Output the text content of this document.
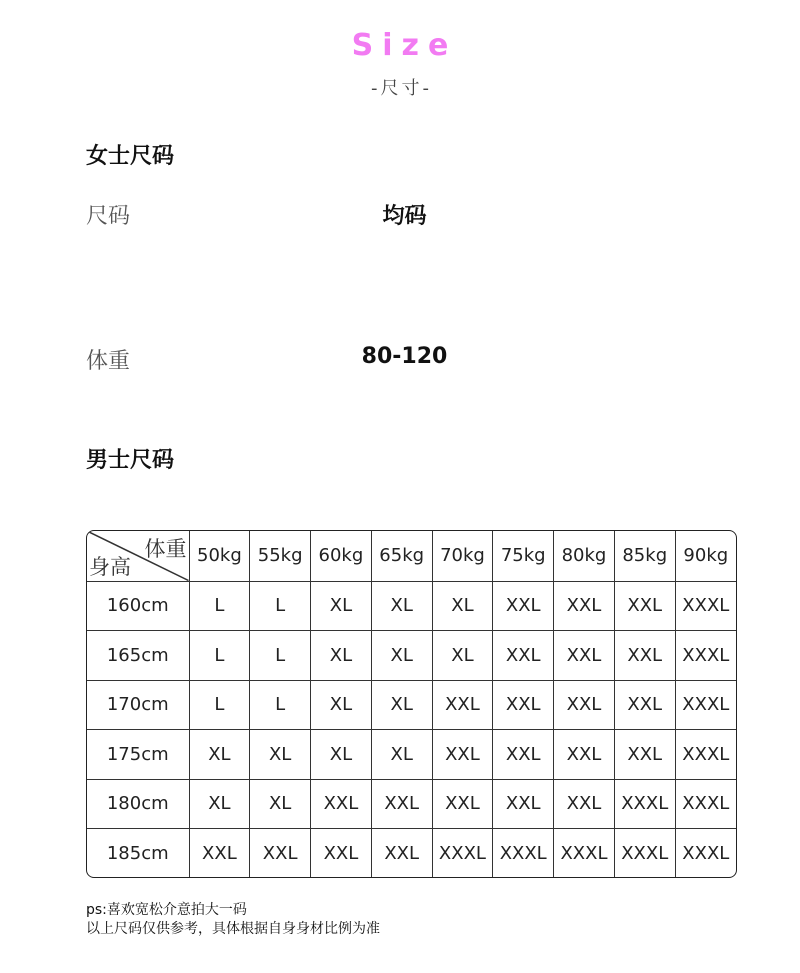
Size
-尺寸-
女士尺码
尺码	均码
体重	80-120
男士尺码
体重
身高	50kg	55kg	60kg	65kg	70kg	75kg	80kg	85kg	90kg
160cm	L	L	XL	XL	XL	XXL	XXL	XXL	XXXL
165cm	L	L	XL	XL	XL	XXL	XXL	XXL	XXXL
170cm	L	L	XL	XL	XXL	XXL	XXL	XXL	XXXL
175cm	XL	XL	XL	XL	XXL	XXL	XXL	XXL	XXXL
180cm	XL	XL	XXL	XXL	XXL	XXL	XXL	XXXL	XXXL
185cm	XXL	XXL	XXL	XXL	XXXL	XXXL	XXXL	XXXL	XXXL
ps:喜欢宽松介意拍大一码
以上尺码仅供参考，具体根据自身身材比例为准
